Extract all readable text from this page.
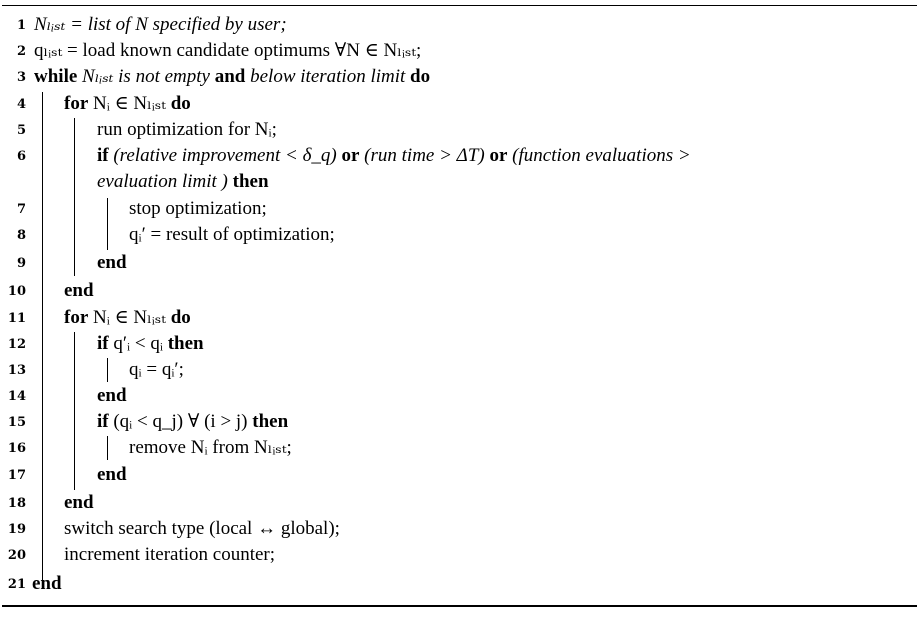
1 Nₗᵢₛₜ = list of N specified by user;
2 qₗᵢₛₜ = load known candidate optimums ∀N ∈ Nₗᵢₛₜ;
3 while Nₗᵢₛₜ is not empty and below iteration limit do
4 for Nᵢ ∈ Nₗᵢₛₜ do
5	run optimization for Nᵢ;
6	if (relative improvement < δ_q) or (run time > ΔT) or (function evaluations >
evaluation limit ) then
7	stop optimization;
8	qᵢ′ = result of optimization;
9	end
10 end
11 for Nᵢ ∈ Nₗᵢₛₜ do
12	if q′ᵢ < qᵢ then
13	qᵢ = qᵢ′;
14	end
15	if (qᵢ < q_j) ∀ (i > j) then
16	remove Nᵢ from Nₗᵢₛₜ;
17	end
18 end
19 switch search type (local ↔ global);
20 increment iteration counter;
21 end
